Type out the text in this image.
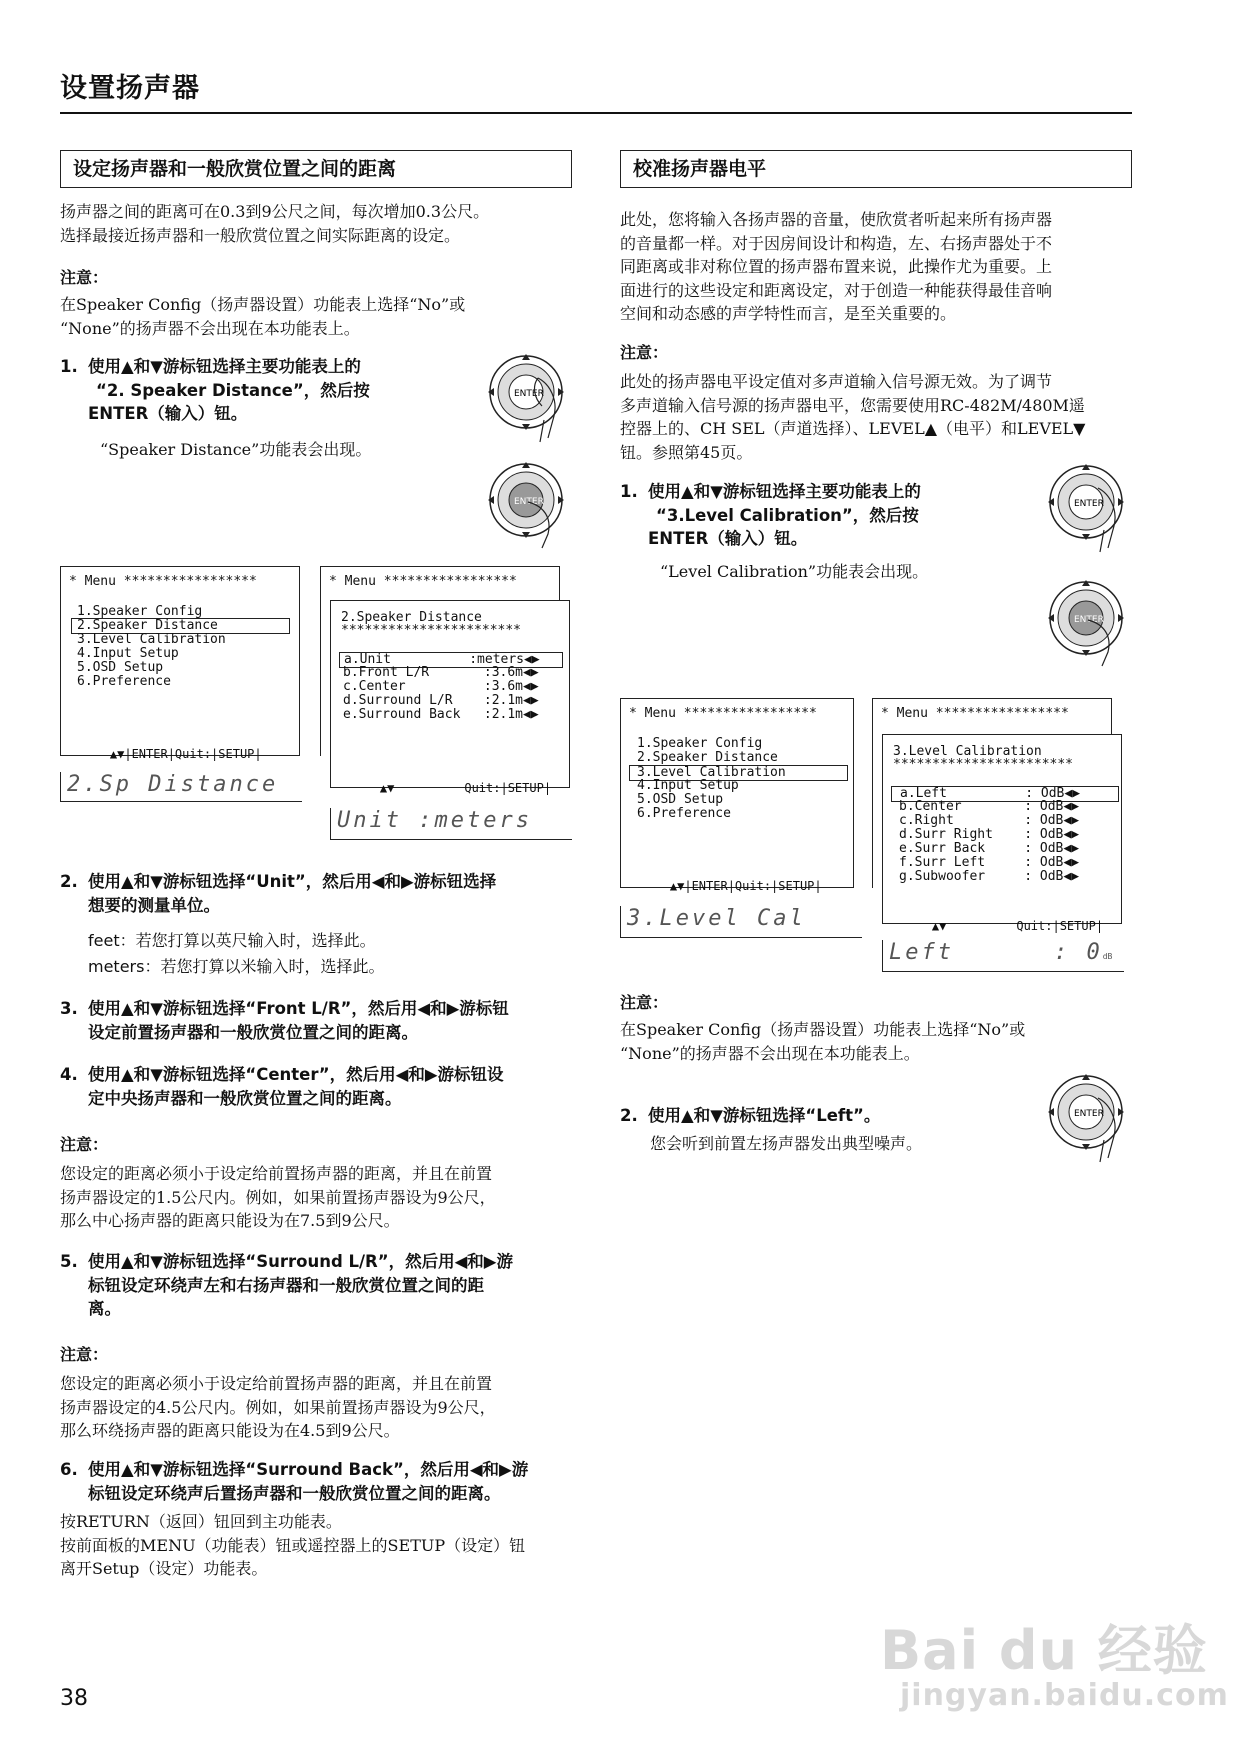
设置扬声器
设定扬声器和一般欣赏位置之间的距离
扬声器之间的距离可在0.3到9公尺之间，每次增加0.3公尺。
选择最接近扬声器和一般欣赏位置之间实际距离的设定。
注意：
在Speaker Config（扬声器设置）功能表上选择“No”或
“None”的扬声器不会出现在本功能表上。
1. 使用▲和▼游标钮选择主要功能表上的
“2. Speaker Distance”，然后按
ENTER（输入）钮。
“Speaker Distance”功能表会出现。
ENTER
ENTER
* Menu *****************
1.Speaker Config
2.Speaker Distance
3.Level Calibration
4.Input Setup
5.OSD Setup
6.Preference

▲▼|ENTER|Quit:|SETUP|

2.Sp Distance
* Menu *****************
2.Speaker Distance
***********************
a.Unit          :meters◀▶
b.Front L/R       :3.6m◀▶
c.Center          :3.6m◀▶
d.Surround L/R    :2.1m◀▶
e.Surround Back   :2.1m◀▶

▲▼	Quit:|SETUP|

Unit :meters
2. 使用▲和▼游标钮选择“Unit”，然后用◀和▶游标钮选择
想要的测量单位。
feet：若您打算以英尺输入时，选择此。
meters：若您打算以米输入时，选择此。
3. 使用▲和▼游标钮选择“Front L/R”，然后用◀和▶游标钮
设定前置扬声器和一般欣赏位置之间的距离。
4. 使用▲和▼游标钮选择“Center”，然后用◀和▶游标钮设
定中央扬声器和一般欣赏位置之间的距离。
注意：
您设定的距离必须小于设定给前置扬声器的距离，并且在前置
扬声器设定的1.5公尺内。例如，如果前置扬声器设为9公尺，
那么中心扬声器的距离只能设为在7.5到9公尺。
5. 使用▲和▼游标钮选择“Surround L/R”，然后用◀和▶游
标钮设定环绕声左和右扬声器和一般欣赏位置之间的距
离。
注意：
您设定的距离必须小于设定给前置扬声器的距离，并且在前置
扬声器设定的4.5公尺内。例如，如果前置扬声器设为9公尺，
那么环绕扬声器的距离只能设为在4.5到9公尺。
6. 使用▲和▼游标钮选择“Surround Back”，然后用◀和▶游
标钮设定环绕声后置扬声器和一般欣赏位置之间的距离。
按RETURN（返回）钮回到主功能表。
按前面板的MENU（功能表）钮或遥控器上的SETUP（设定）钮
离开Setup（设定）功能表。
校准扬声器电平
此处，您将输入各扬声器的音量，使欣赏者听起来所有扬声器
的音量都一样。对于因房间设计和构造，左、右扬声器处于不
同距离或非对称位置的扬声器布置来说，此操作尤为重要。上
面进行的这些设定和距离设定，对于创造一种能获得最佳音响
空间和动态感的声学特性而言，是至关重要的。
注意：
此处的扬声器电平设定值对多声道输入信号源无效。为了调节
多声道输入信号源的扬声器电平，您需要使用RC-482M/480M遥
控器上的、CH SEL（声道选择）、LEVEL▲（电平）和LEVEL▼
钮。参照第45页。
1. 使用▲和▼游标钮选择主要功能表上的
“3.Level Calibration”，然后按
ENTER（输入）钮。
“Level Calibration”功能表会出现。
ENTER
ENTER
* Menu *****************
1.Speaker Config
2.Speaker Distance
3.Level Calibration
4.Input Setup
5.OSD Setup
6.Preference

▲▼|ENTER|Quit:|SETUP|

3.Level Cal
* Menu *****************
3.Level Calibration
***********************
a.Left          : OdB◀▶
b.Center        : OdB◀▶
c.Right         : OdB◀▶
d.Surr Right    : OdB◀▶
e.Surr Back     : OdB◀▶
f.Surr Left     : OdB◀▶
g.Subwoofer     : OdB◀▶

▲▼	Quit:|SETUP|

Left	: 0dB
注意：
在Speaker Config（扬声器设置）功能表上选择“No”或
“None”的扬声器不会出现在本功能表上。
2. 使用▲和▼游标钮选择“Left”。
您会听到前置左扬声器发出典型噪声。
ENTER
38
Bai du 经验
jingyan.baidu.com
